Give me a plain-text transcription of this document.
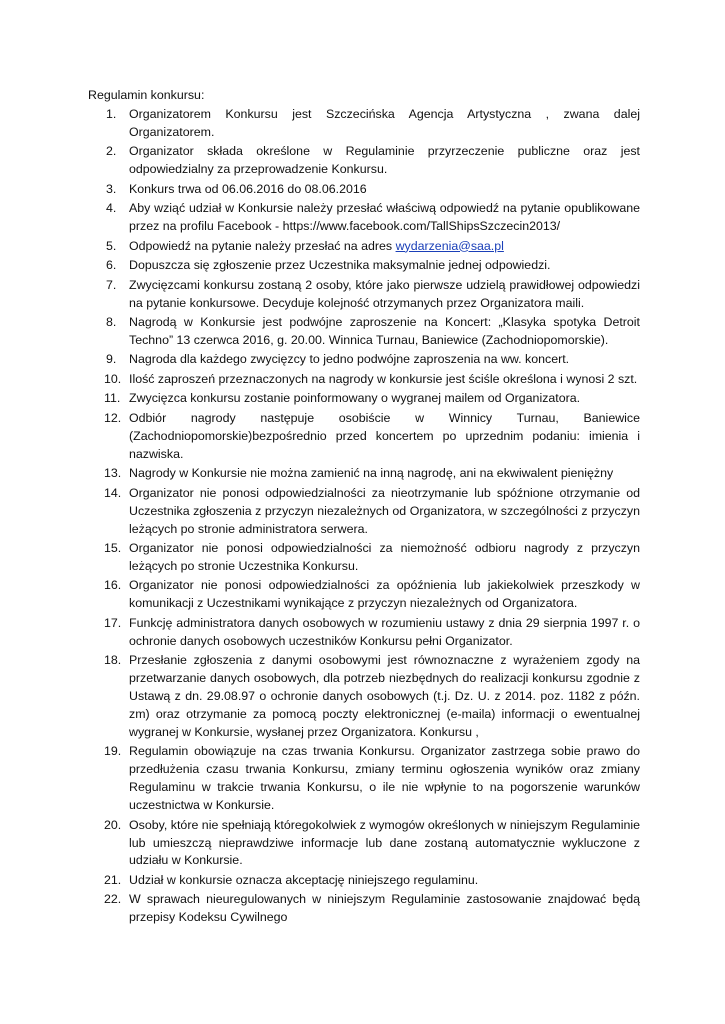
Regulamin konkursu:
1.	Organizatorem Konkursu jest Szczecińska Agencja Artystyczna , zwana dalej Organizatorem.
2.	Organizator składa określone w Regulaminie przyrzeczenie publiczne oraz jest odpowiedzialny za przeprowadzenie Konkursu.
3.	Konkurs trwa od 06.06.2016 do 08.06.2016
4.	Aby wziąć udział w Konkursie należy przesłać właściwą odpowiedź na pytanie opublikowane przez na profilu Facebook - https://www.facebook.com/TallShipsSzczecin2013/
5.	Odpowiedź na pytanie należy przesłać na adres wydarzenia@saa.pl
6.	Dopuszcza się zgłoszenie przez Uczestnika maksymalnie jednej odpowiedzi.
7.	Zwycięzcami konkursu zostaną 2 osoby, które jako pierwsze udzielą prawidłowej odpowiedzi na pytanie konkursowe. Decyduje kolejność otrzymanych przez Organizatora maili.
8.	Nagrodą w Konkursie jest podwójne zaproszenie na Koncert: „Klasyka spotyka Detroit Techno” 13 czerwca 2016, g. 20.00. Winnica Turnau, Baniewice (Zachodniopomorskie).
9.	Nagroda dla każdego zwycięzcy to jedno podwójne zaproszenia na ww. koncert.
10. Ilość zaproszeń przeznaczonych na nagrody w konkursie jest ściśle określona i wynosi 2 szt.
11. Zwycięzca konkursu zostanie poinformowany o wygranej mailem od Organizatora.
12. Odbiór nagrody następuje osobiście w Winnicy Turnau, Baniewice (Zachodniopomorskie)bezpośrednio przed koncertem po uprzednim podaniu: imienia i nazwiska.
13. Nagrody w Konkursie nie można zamienić na inną nagrodę, ani na ekwiwalent pieniężny
14. Organizator nie ponosi odpowiedzialności za nieotrzymanie lub spóźnione otrzymanie od Uczestnika zgłoszenia z przyczyn niezależnych od Organizatora, w szczególności z przyczyn leżących po stronie administratora serwera.
15. Organizator nie ponosi odpowiedzialności za niemożność odbioru nagrody z przyczyn leżących po stronie Uczestnika Konkursu.
16. Organizator nie ponosi odpowiedzialności za opóźnienia lub jakiekolwiek przeszkody w komunikacji z Uczestnikami wynikające z przyczyn niezależnych od Organizatora.
17. Funkcję administratora danych osobowych w rozumieniu ustawy z dnia 29 sierpnia 1997 r. o ochronie danych osobowych uczestników Konkursu pełni Organizator.
18. Przesłanie zgłoszenia z danymi osobowymi jest równoznaczne z wyrażeniem zgody na przetwarzanie danych osobowych, dla potrzeb niezbędnych do realizacji konkursu zgodnie z Ustawą z dn. 29.08.97 o ochronie danych osobowych (t.j. Dz. U. z 2014. poz. 1182 z późn. zm) oraz otrzymanie za pomocą poczty elektronicznej (e-maila) informacji o ewentualnej wygranej w Konkursie, wysłanej przez Organizatora. Konkursu ,
19. Regulamin obowiązuje na czas trwania Konkursu. Organizator zastrzega sobie prawo do przedłużenia czasu trwania Konkursu, zmiany terminu ogłoszenia wyników oraz zmiany Regulaminu w trakcie trwania Konkursu, o ile nie wpłynie to na pogorszenie warunków uczestnictwa w Konkursie.
20. Osoby, które nie spełniają któregokolwiek z wymogów określonych w niniejszym Regulaminie lub umieszczą nieprawdziwe informacje lub dane zostaną automatycznie wykluczone z udziału w Konkursie.
21. Udział w konkursie oznacza akceptację niniejszego regulaminu.
22. W sprawach nieuregulowanych w niniejszym Regulaminie zastosowanie znajdować będą przepisy Kodeksu Cywilnego
